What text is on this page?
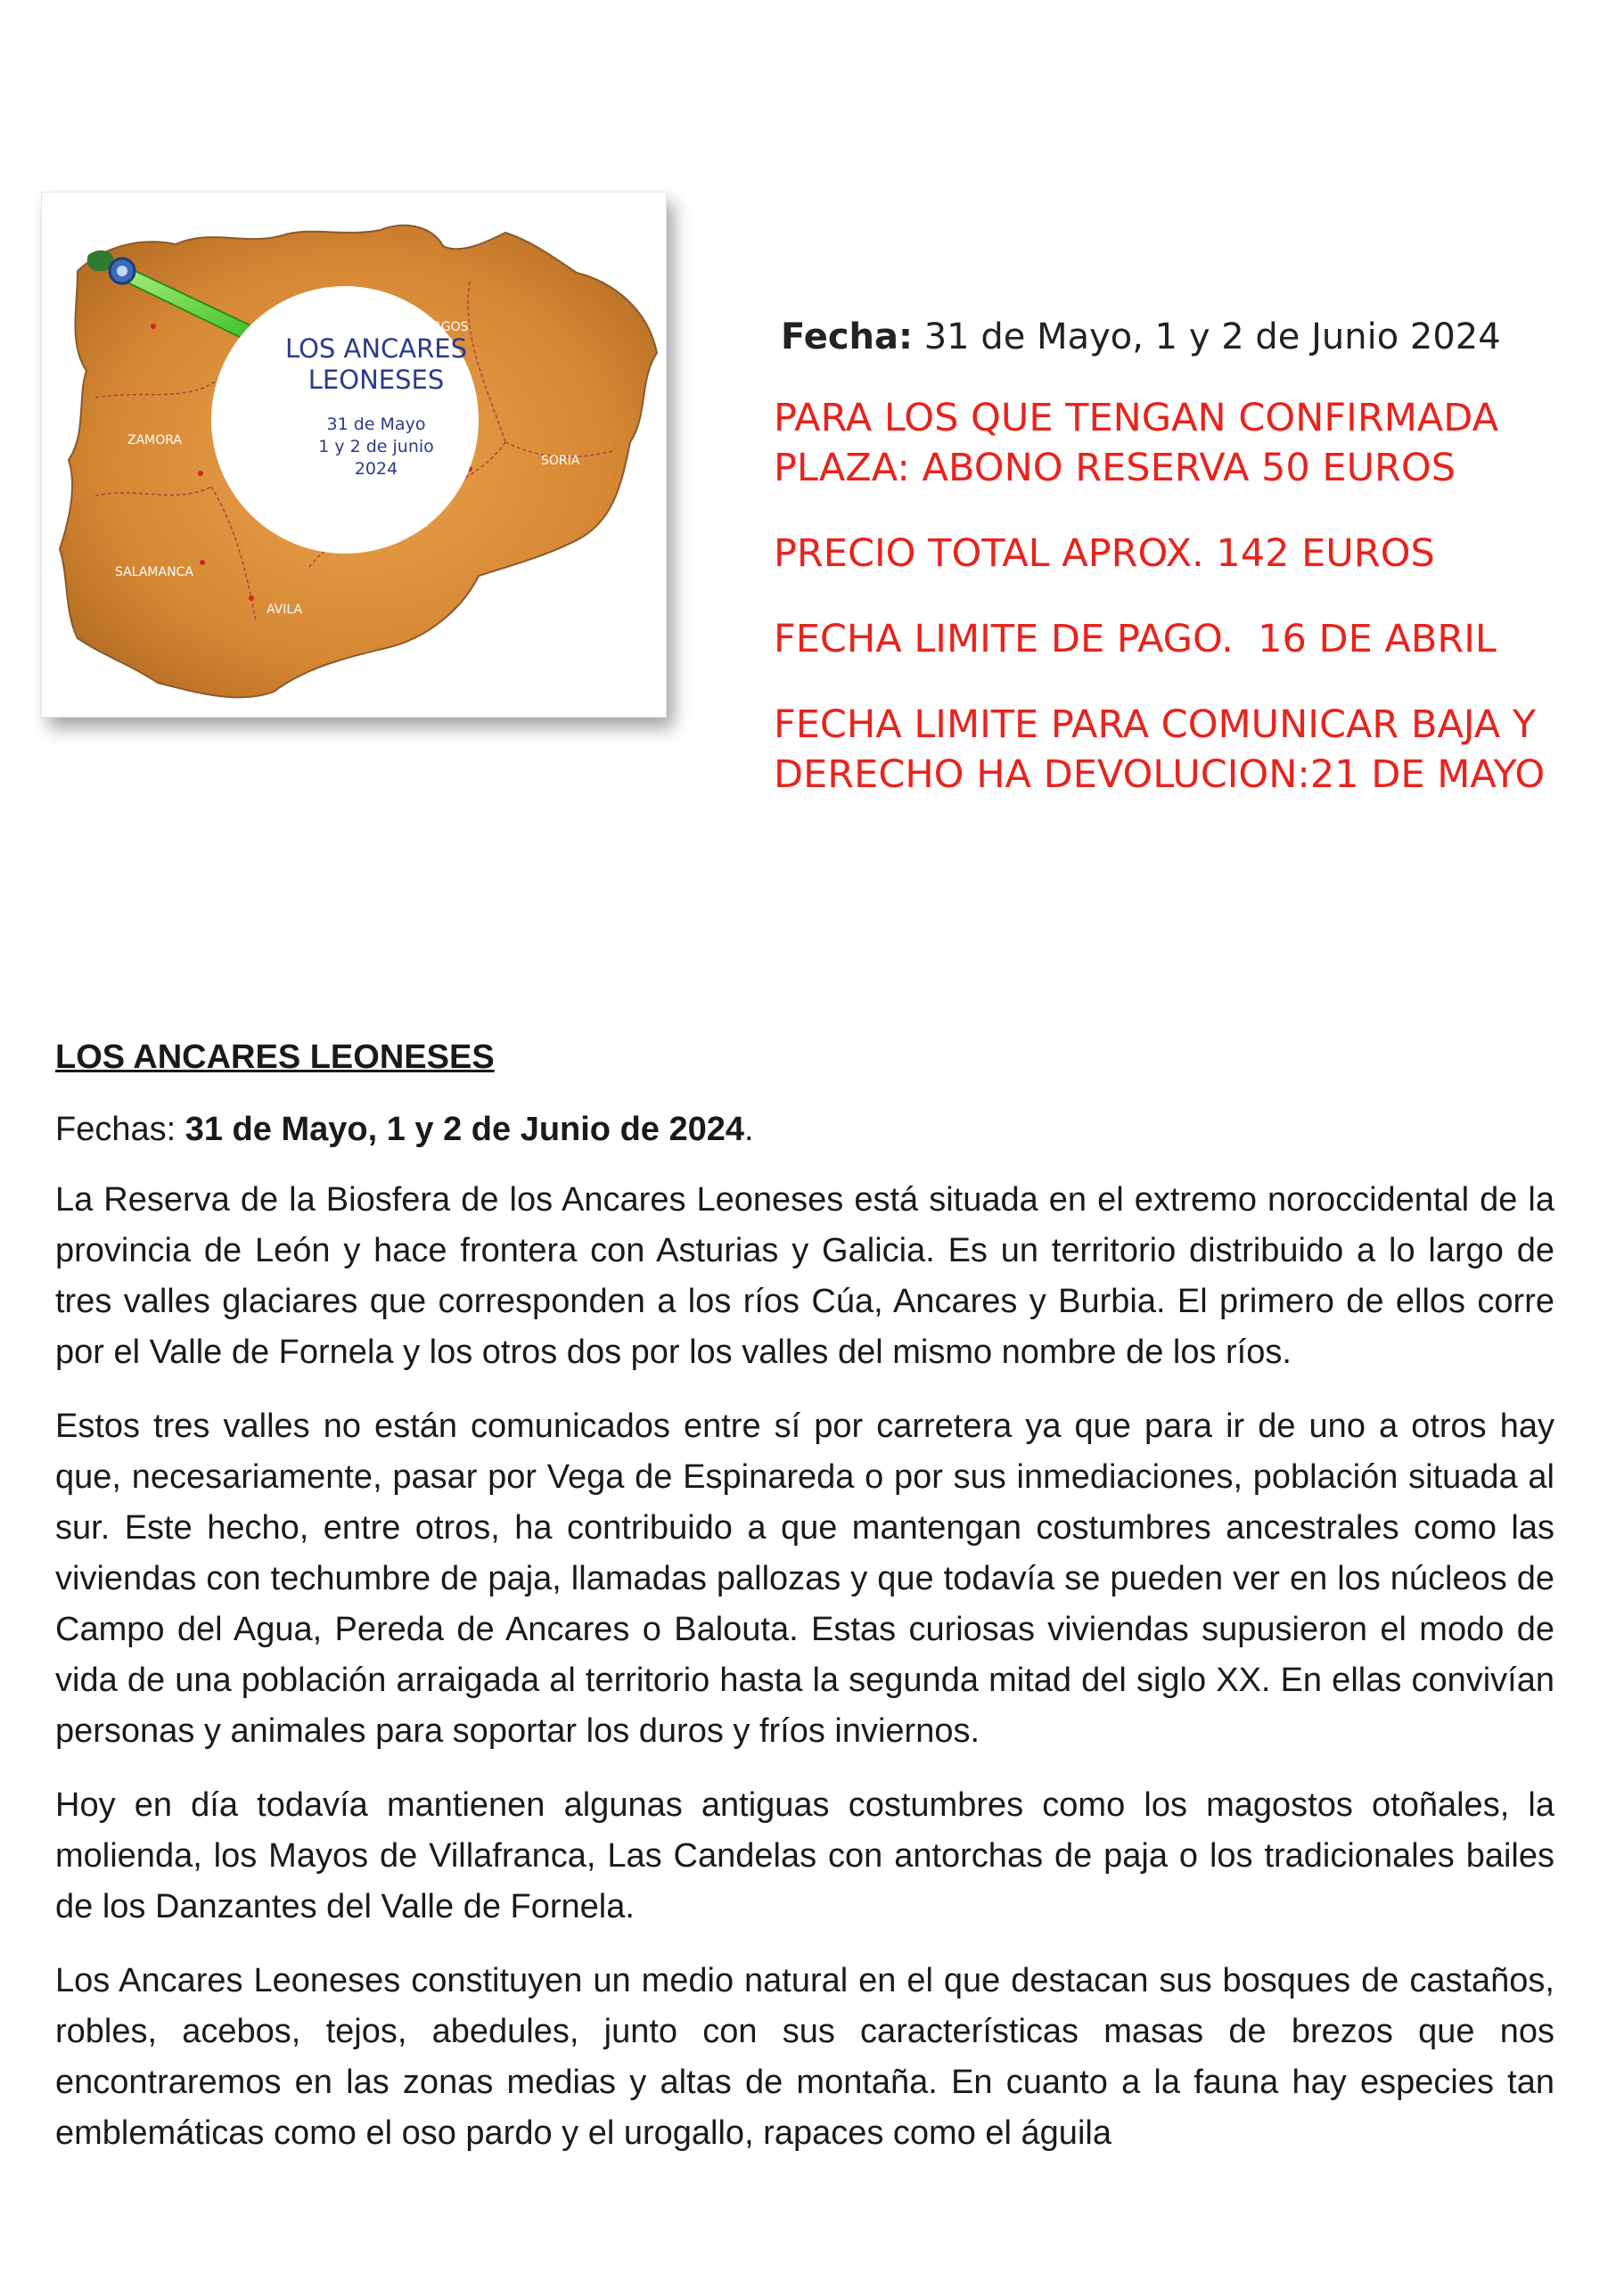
ZAMORA
SALAMANCA
AVILA
SEGOVIA
SORIA
RGOS
LOS ANCARES
LEONESES
31 de Mayo
1 y 2 de junio
2024

Fecha: 31 de Mayo, 1 y 2 de Junio 2024

PARA LOS QUE TENGAN CONFIRMADA PLAZA: ABONO RESERVA 50 EUROS

PRECIO TOTAL APROX. 142 EUROS

FECHA LIMITE DE PAGO.  16 DE ABRIL

FECHA LIMITE PARA COMUNICAR BAJA Y DERECHO HA DEVOLUCION:21 DE MAYO

LOS ANCARES LEONESES

Fechas: 31 de Mayo, 1 y 2 de Junio de 2024.

La Reserva de la Biosfera de los Ancares Leoneses está situada en el extremo noroccidental de la provincia de León y hace frontera con Asturias y Galicia. Es un territorio distribuido a lo largo de tres valles glaciares que corresponden a los ríos Cúa, Ancares y Burbia. El primero de ellos corre por el Valle de Fornela y los otros dos por los valles del mismo nombre de los ríos.

Estos tres valles no están comunicados entre sí por carretera ya que para ir de uno a otros hay que, necesariamente, pasar por Vega de Espinareda o por sus inmediaciones, población situada al sur. Este hecho, entre otros, ha contribuido a que mantengan costumbres ancestrales como las viviendas con techumbre de paja, llamadas pallozas y que todavía se pueden ver en los núcleos de Campo del Agua, Pereda de Ancares o Balouta. Estas curiosas viviendas supusieron el modo de vida de una población arraigada al territorio hasta la segunda mitad del siglo XX. En ellas convivían personas y animales para soportar los duros y fríos inviernos.

Hoy en día todavía mantienen algunas antiguas costumbres como los magostos otoñales, la molienda, los Mayos de Villafranca, Las Candelas con antorchas de paja o los tradicionales bailes de los Danzantes del Valle de Fornela.

Los Ancares Leoneses constituyen un medio natural en el que destacan sus bosques de castaños, robles, acebos, tejos, abedules, junto con sus características masas de brezos que nos encontraremos en las zonas medias y altas de montaña. En cuanto a la fauna hay especies tan emblemáticas como el oso pardo y el urogallo, rapaces como el águila
